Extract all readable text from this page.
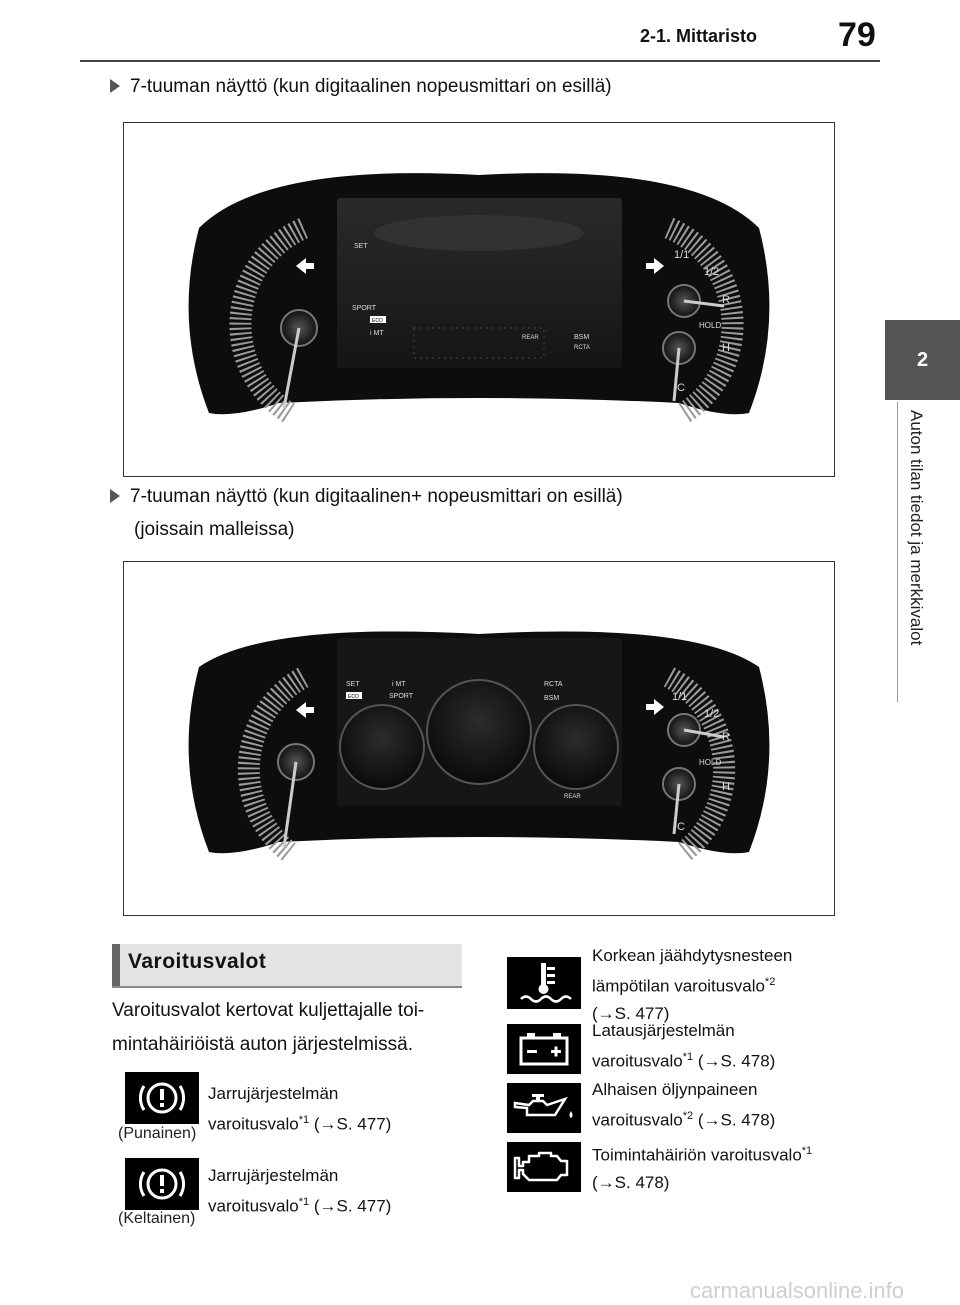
2-1. Mittaristo 79
2
Auton tilan tiedot ja merkkivalot
7-tuuman näyttö (kun digitaalinen nopeusmittari on esillä)
1/1
1/2
R
HOLD
H
C
SET
SPORT
ECO
i MT
REAR	BSM
RCTA
7-tuuman näyttö (kun digitaalinen+ nopeusmittari on esillä)
(joissain malleissa)
1/1
1/2
R
HOLD
H
C
SET
ECO	SPORT
i MT	RCTA
BSM
REAR
Varoitusvalot
Varoitusvalot kertovat kuljettajalle toi-mintahäiriöistä auton järjestelmissä.
(Punainen)
Jarrujärjestelmän
varoitusvalo$^{*1}$ (→S. 477)
(Keltainen)
Jarrujärjestelmän
varoitusvalo$^{*1}$ (→S. 477)
Korkean jäähdytysnesteen
lämpötilan varoitusvalo$^{*2}$
(→S. 477)
Latausjärjestelmän
varoitusvalo$^{*1}$ (→S. 478)
Alhaisen öljynpaineen
varoitusvalo$^{*2}$ (→S. 478)
Toimintahäiriön varoitusvalo$^{*1}$
(→S. 478)
carmanualsonline.info
